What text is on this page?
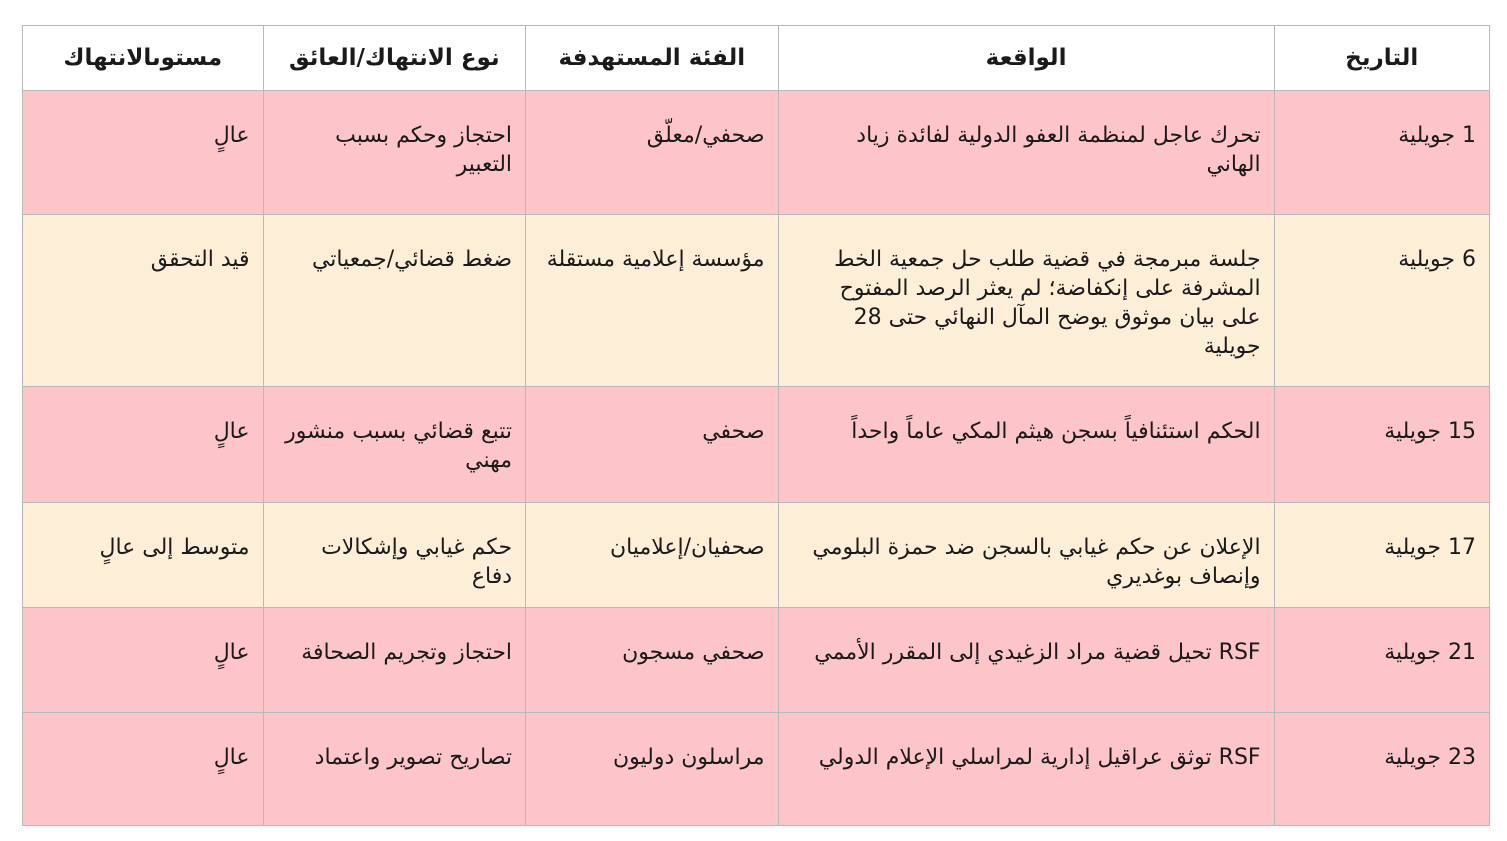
التاريخ	الواقعة	الفئة المستهدفة	نوع الانتهاك/العائق	مستوىالانتهاك
1 جويلية	تحرك عاجل لمنظمة العفو الدولية لفائدة زياد الهاني	صحفي/معلّق	احتجاز وحكم بسبب التعبير	عالٍ
6 جويلية	جلسة مبرمجة في قضية طلب حل جمعية الخط المشرفة على إنكفاضة؛ لم يعثر الرصد المفتوح على بيان موثوق يوضح المآل النهائي حتى 28 جويلية	مؤسسة إعلامية مستقلة	ضغط قضائي/جمعياتي	قيد التحقق
15 جويلية	الحكم استئنافياً بسجن هيثم المكي عاماً واحداً	صحفي	تتبع قضائي بسبب منشور مهني	عالٍ
17 جويلية	الإعلان عن حكم غيابي بالسجن ضد حمزة البلومي وإنصاف بوغديري	صحفيان/إعلاميان	حكم غيابي وإشكالات دفاع	متوسط إلى عالٍ
21 جويلية	RSF تحيل قضية مراد الزغيدي إلى المقرر الأممي	صحفي مسجون	احتجاز وتجريم الصحافة	عالٍ
23 جويلية	RSF توثق عراقيل إدارية لمراسلي الإعلام الدولي	مراسلون دوليون	تصاريح تصوير واعتماد	عالٍ
